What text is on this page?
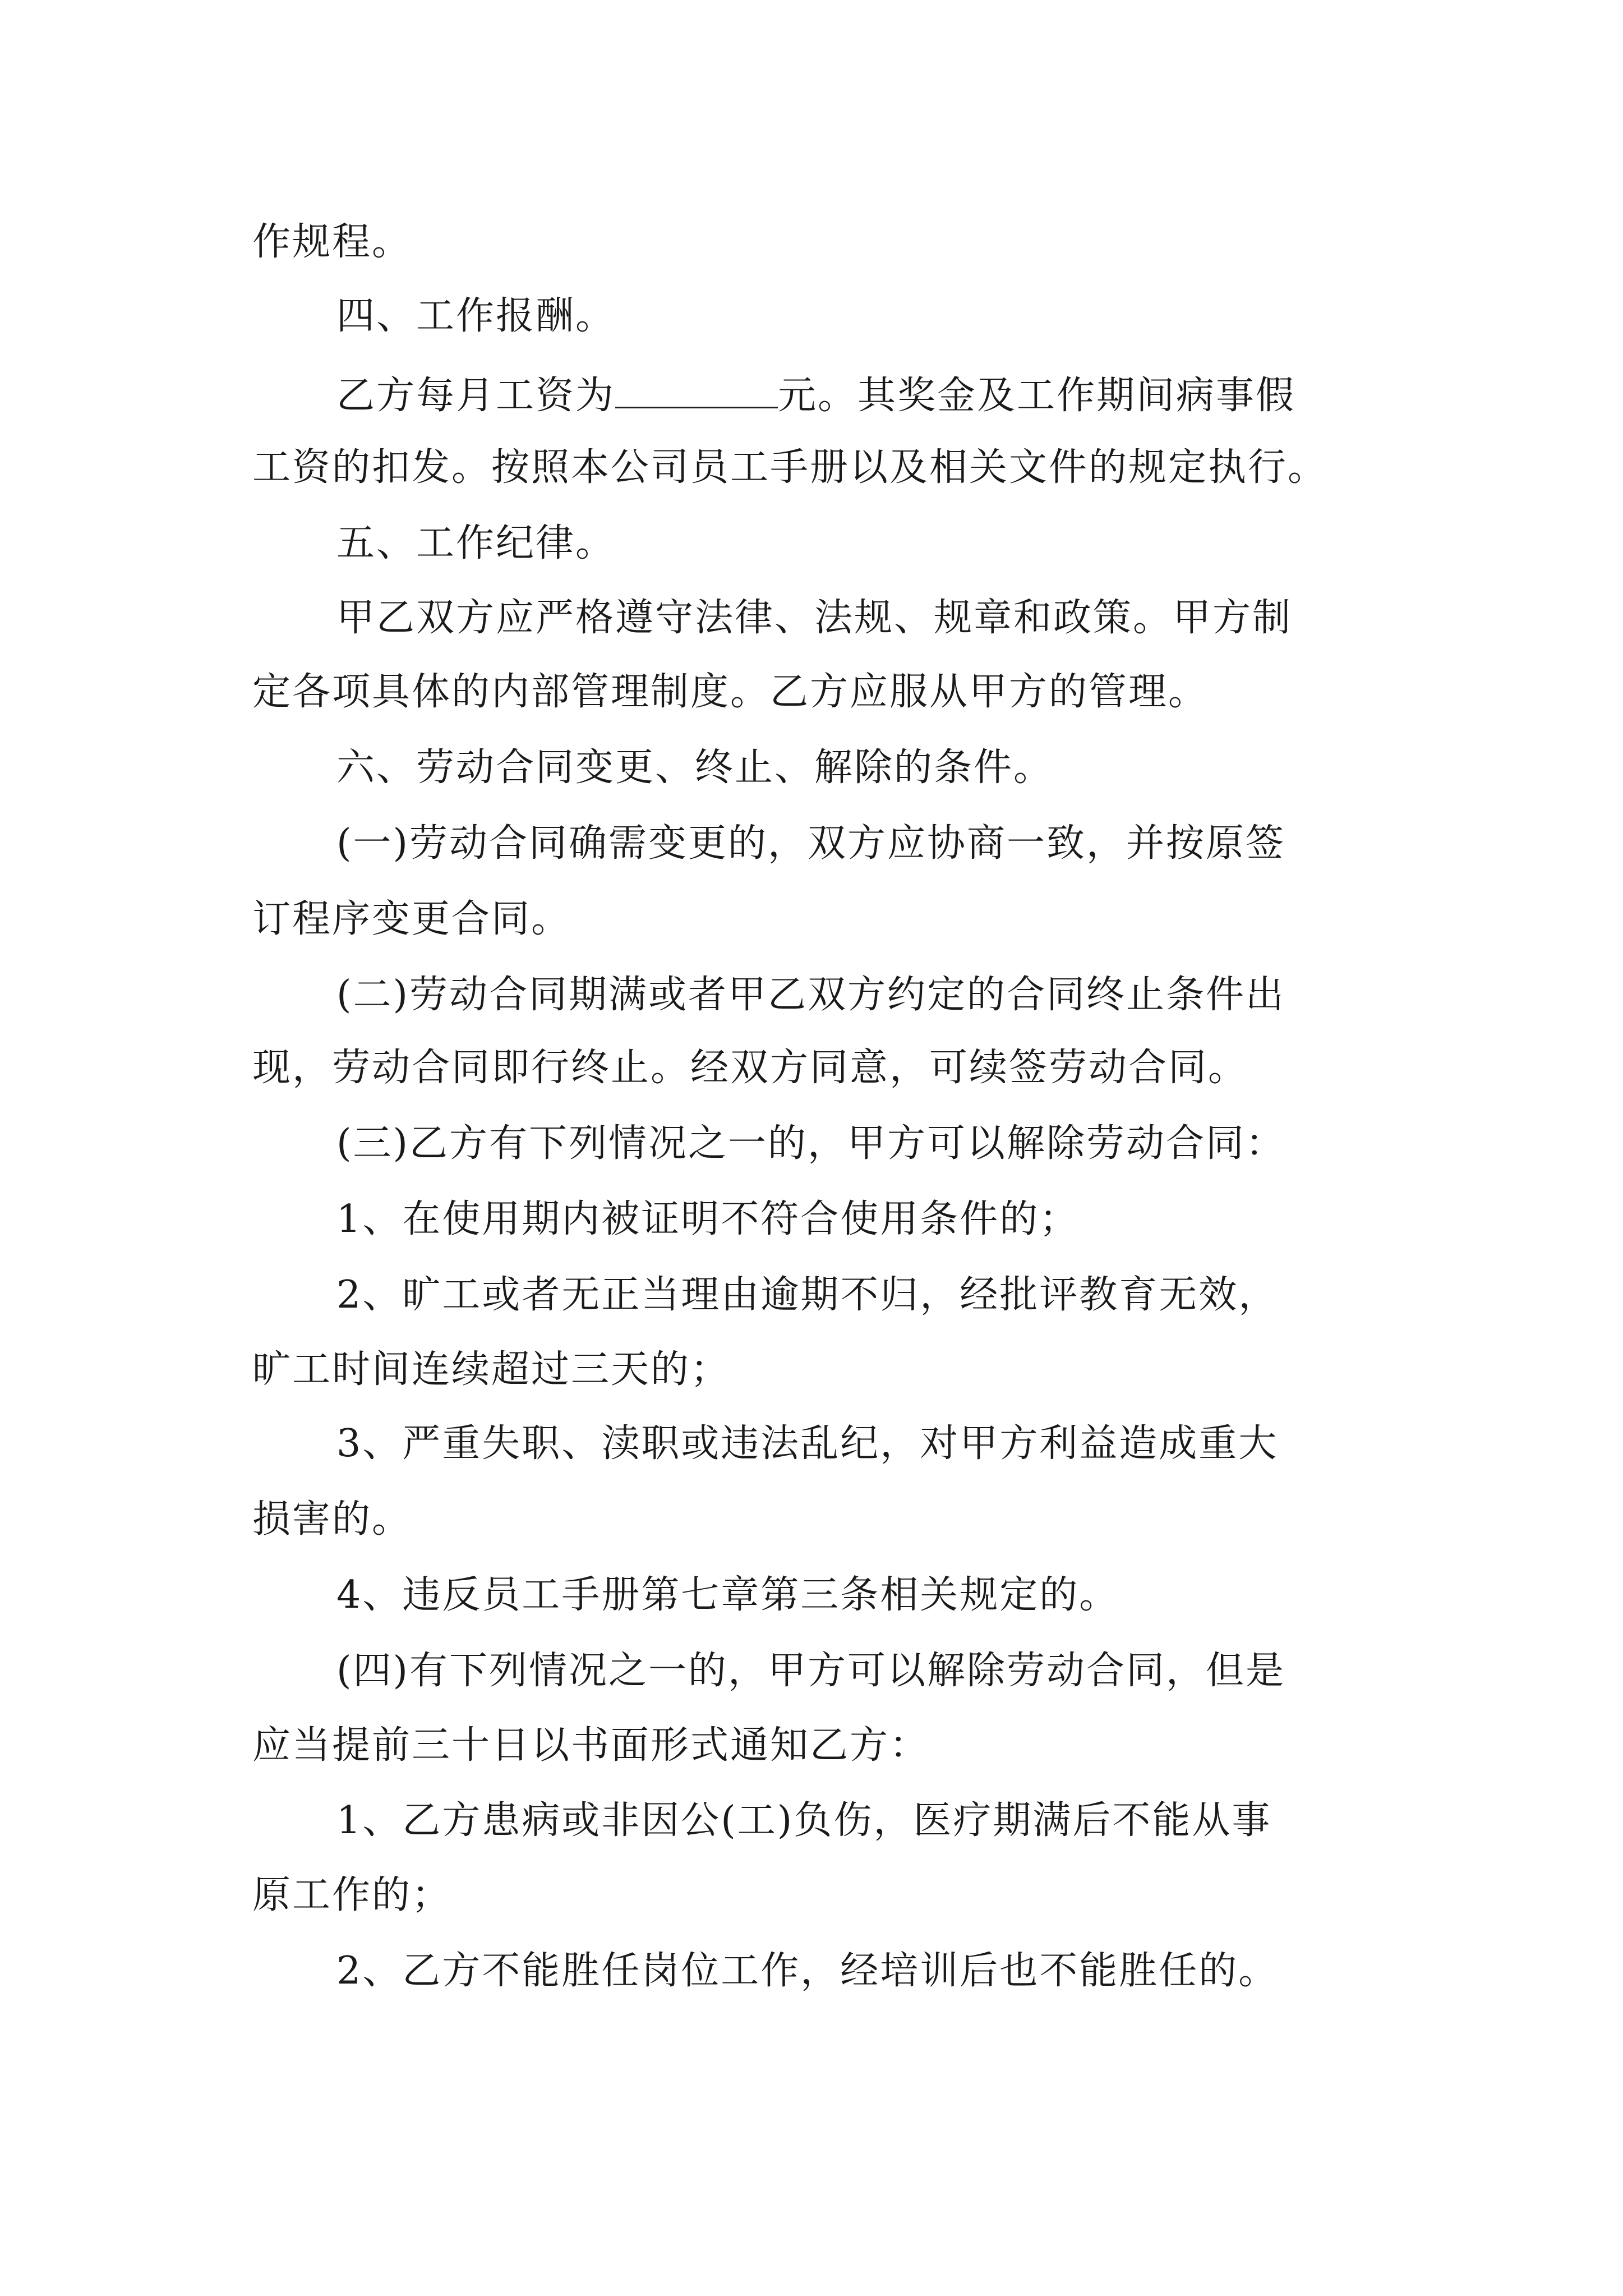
作规程。
四、工作报酬。
乙方每月工资为	元。其奖金及工作期间病事假
工资的扣发。按照本公司员工手册以及相关文件的规定执行。
五、工作纪律。
甲乙双方应严格遵守法律、法规、规章和政策。甲方制
定各项具体的内部管理制度。乙方应服从甲方的管理。
六、劳动合同变更、终止、解除的条件。
(一)劳动合同确需变更的，双方应协商一致，并按原签
订程序变更合同。
(二)劳动合同期满或者甲乙双方约定的合同终止条件出
现，劳动合同即行终止。经双方同意，可续签劳动合同。
(三)乙方有下列情况之一的，甲方可以解除劳动合同：
1、在使用期内被证明不符合使用条件的；
2、旷工或者无正当理由逾期不归，经批评教育无效，
旷工时间连续超过三天的；
3、严重失职、渎职或违法乱纪，对甲方利益造成重大
损害的。
4、违反员工手册第七章第三条相关规定的。
(四)有下列情况之一的，甲方可以解除劳动合同，但是
应当提前三十日以书面形式通知乙方：
1、乙方患病或非因公(工)负伤，医疗期满后不能从事
原工作的；
2、乙方不能胜任岗位工作，经培训后也不能胜任的。
